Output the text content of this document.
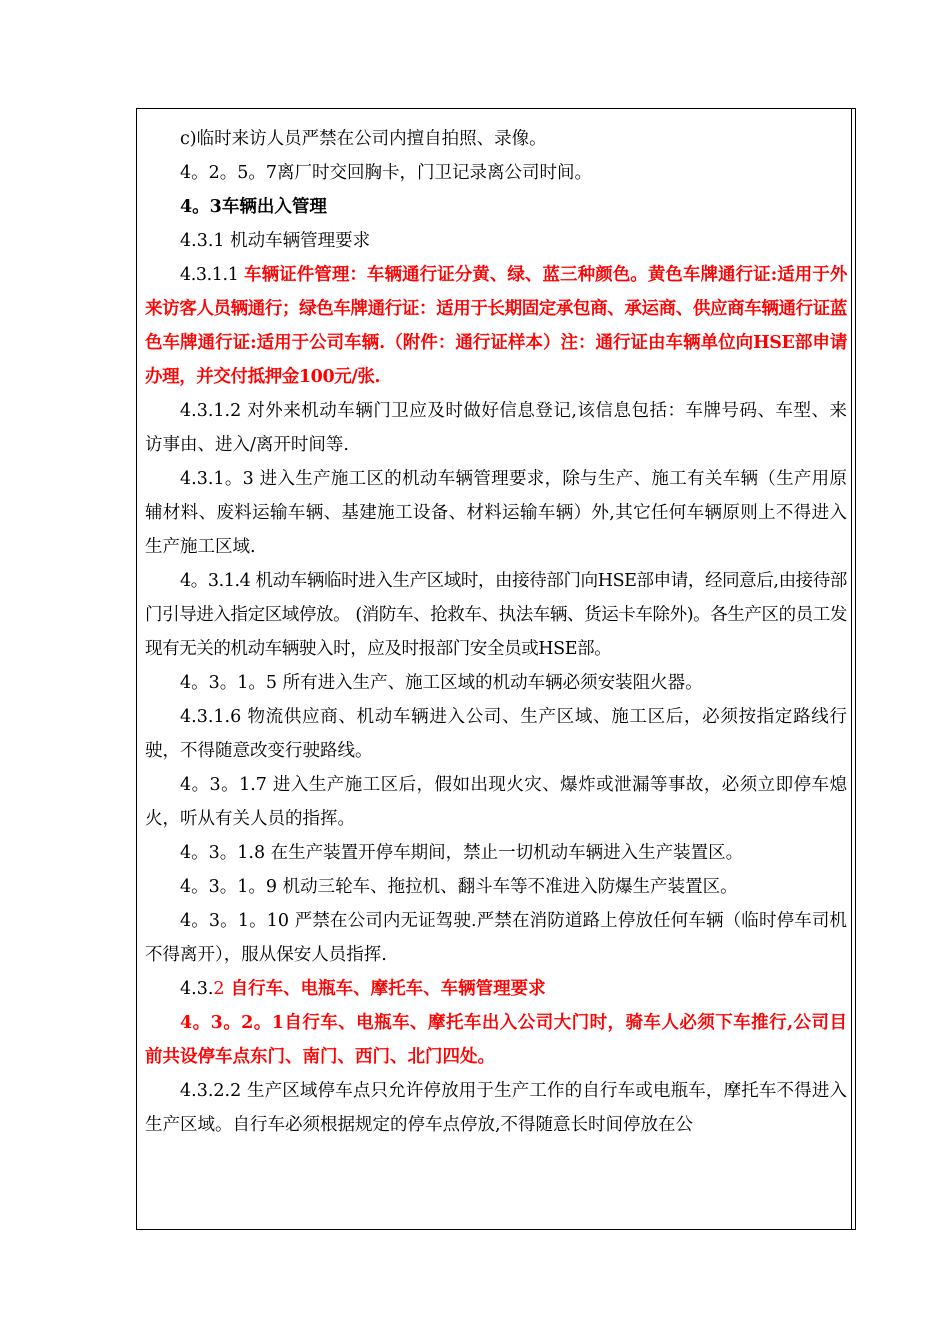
c)临时来访人员严禁在公司内擅自拍照、录像。

4。2。5。7离厂时交回胸卡，门卫记录离公司时间。

4。3车辆出入管理

4.3.1 机动车辆管理要求

4.3.1.1 车辆证件管理：车辆通行证分黄、绿、蓝三种颜色。黄色车牌通行证:适用于外来访客人员辆通行；绿色车牌通行证：适用于长期固定承包商、承运商、供应商车辆通行证蓝色车牌通行证:适用于公司车辆.（附件：通行证样本）注：通行证由车辆单位向HSE部申请办理，并交付抵押金100元/张.

4.3.1.2 对外来机动车辆门卫应及时做好信息登记,该信息包括：车牌号码、车型、来访事由、进入/离开时间等.

4.3.1。3 进入生产施工区的机动车辆管理要求，除与生产、施工有关车辆（生产用原辅材料、废料运输车辆、基建施工设备、材料运输车辆）外,其它任何车辆原则上不得进入生产施工区域.

4。3.1.4 机动车辆临时进入生产区域时，由接待部门向HSE部申请，经同意后,由接待部门引导进入指定区域停放。 (消防车、抢救车、执法车辆、货运卡车除外)。各生产区的员工发现有无关的机动车辆驶入时，应及时报部门安全员或HSE部。

4。3。1。5 所有进入生产、施工区域的机动车辆必须安装阻火器。

4.3.1.6 物流供应商、机动车辆进入公司、生产区域、施工区后，必须按指定路线行驶，不得随意改变行驶路线。

4。3。1.7 进入生产施工区后，假如出现火灾、爆炸或泄漏等事故，必须立即停车熄火，听从有关人员的指挥。

4。3。1.8 在生产装置开停车期间，禁止一切机动车辆进入生产装置区。

4。3。1。9 机动三轮车、拖拉机、翻斗车等不准进入防爆生产装置区。

4。3。1。10 严禁在公司内无证驾驶.严禁在消防道路上停放任何车辆（临时停车司机不得离开），服从保安人员指挥.

4.3.2 自行车、电瓶车、摩托车、车辆管理要求

4。3。2。1自行车、电瓶车、摩托车出入公司大门时，骑车人必须下车推行,公司目前共设停车点东门、南门、西门、北门四处。

4.3.2.2 生产区域停车点只允许停放用于生产工作的自行车或电瓶车，摩托车不得进入生产区域。自行车必须根据规定的停车点停放,不得随意长时间停放在公
